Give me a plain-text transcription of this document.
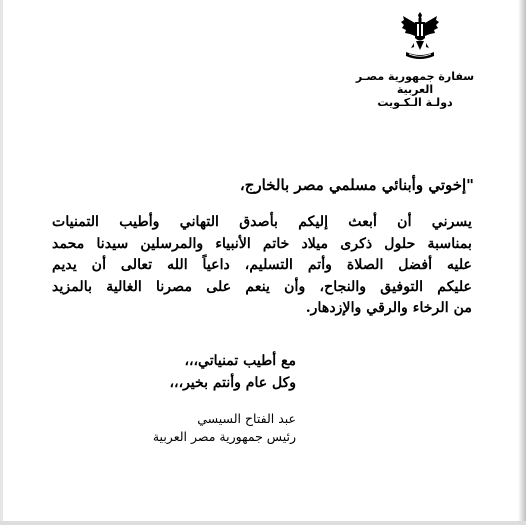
سفارة جمهورية مصـر العربية
دولـة الـكـويت
"إخوتي وأبنائي مسلمي مصر بالخارج،
يسرني أن أبعث إليكم بأصدق التهاني وأطيب التمنيات
بمناسبة حلول ذكرى ميلاد خاتم الأنبياء والمرسلين سيدنا محمد
عليه أفضل الصلاة وأتم التسليم، داعياً الله تعالى أن يديم
عليكم التوفيق والنجاح، وأن ينعم على مصرنا الغالية بالمزيد
من الرخاء والرقي والإزدهار.
مع أطيب تمنياتي،،،
وكل عام وأنتم بخير،،،
عبد الفتاح السيسي
رئيس جمهورية مصر العربية
